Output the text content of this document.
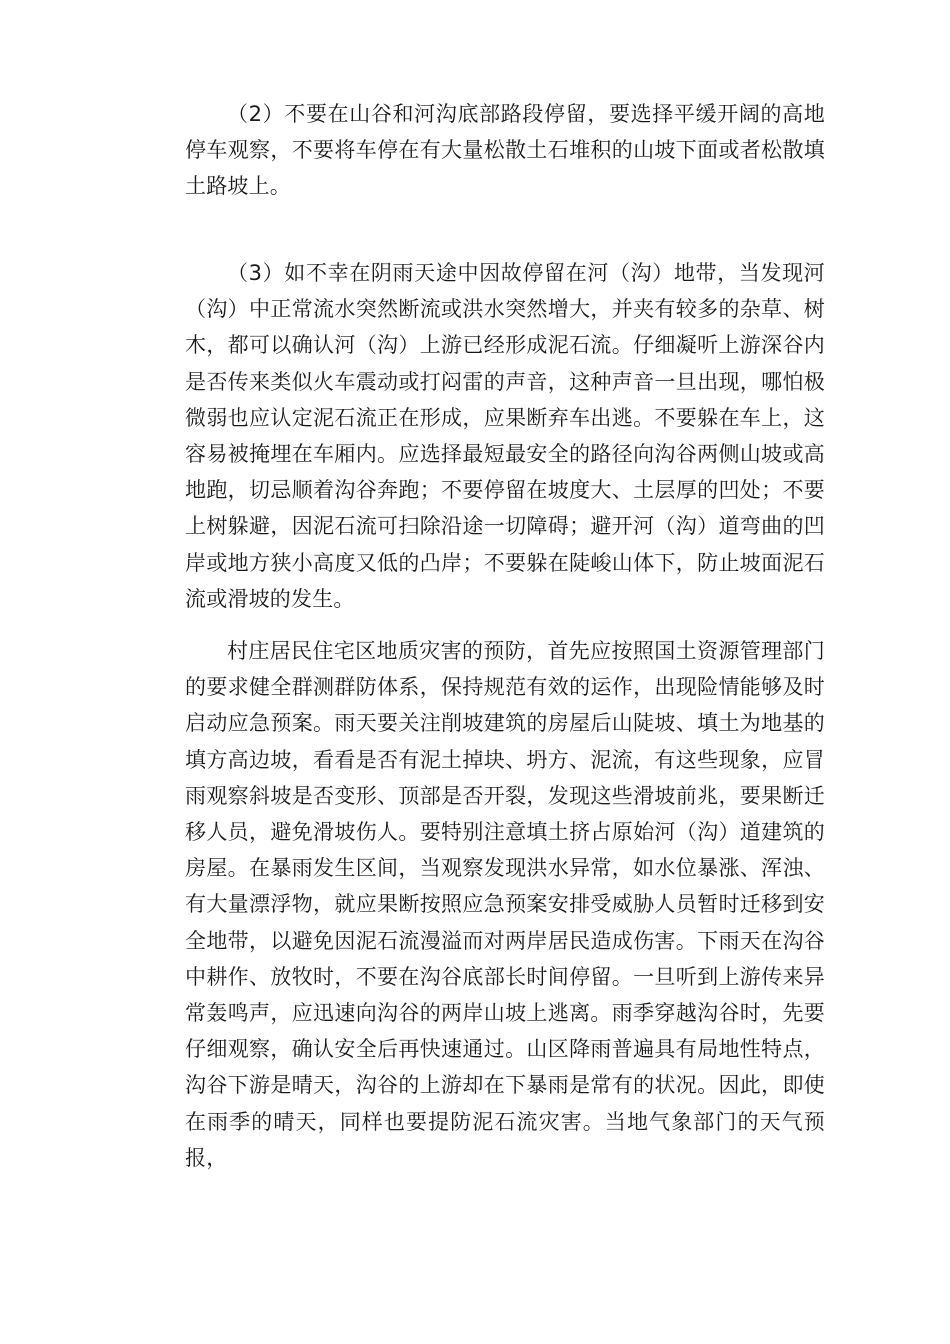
（2）不要在山谷和河沟底部路段停留，要选择平缓开阔的高地停车观察，不要将车停在有大量松散土石堆积的山坡下面或者松散填土路坡上。

（3）如不幸在阴雨天途中因故停留在河（沟）地带，当发现河（沟）中正常流水突然断流或洪水突然增大，并夹有较多的杂草、树木，都可以确认河（沟）上游已经形成泥石流。仔细凝听上游深谷内是否传来类似火车震动或打闷雷的声音，这种声音一旦出现，哪怕极微弱也应认定泥石流正在形成，应果断弃车出逃。不要躲在车上，这容易被掩埋在车厢内。应选择最短最安全的路径向沟谷两侧山坡或高地跑，切忌顺着沟谷奔跑；不要停留在坡度大、土层厚的凹处；不要上树躲避，因泥石流可扫除沿途一切障碍；避开河（沟）道弯曲的凹岸或地方狭小高度又低的凸岸；不要躲在陡峻山体下，防止坡面泥石流或滑坡的发生。

村庄居民住宅区地质灾害的预防，首先应按照国土资源管理部门的要求健全群测群防体系，保持规范有效的运作，出现险情能够及时启动应急预案。雨天要关注削坡建筑的房屋后山陡坡、填土为地基的填方高边坡，看看是否有泥土掉块、坍方、泥流，有这些现象，应冒雨观察斜坡是否变形、顶部是否开裂，发现这些滑坡前兆，要果断迁移人员，避免滑坡伤人。要特别注意填土挤占原始河（沟）道建筑的房屋。在暴雨发生区间，当观察发现洪水异常，如水位暴涨、浑浊、有大量漂浮物，就应果断按照应急预案安排受威胁人员暂时迁移到安全地带，以避免因泥石流漫溢而对两岸居民造成伤害。下雨天在沟谷中耕作、放牧时，不要在沟谷底部长时间停留。一旦听到上游传来异常轰鸣声，应迅速向沟谷的两岸山坡上逃离。雨季穿越沟谷时，先要仔细观察，确认安全后再快速通过。山区降雨普遍具有局地性特点，沟谷下游是晴天，沟谷的上游却在下暴雨是常有的状况。因此，即使在雨季的晴天，同样也要提防泥石流灾害。当地气象部门的天气预报，
